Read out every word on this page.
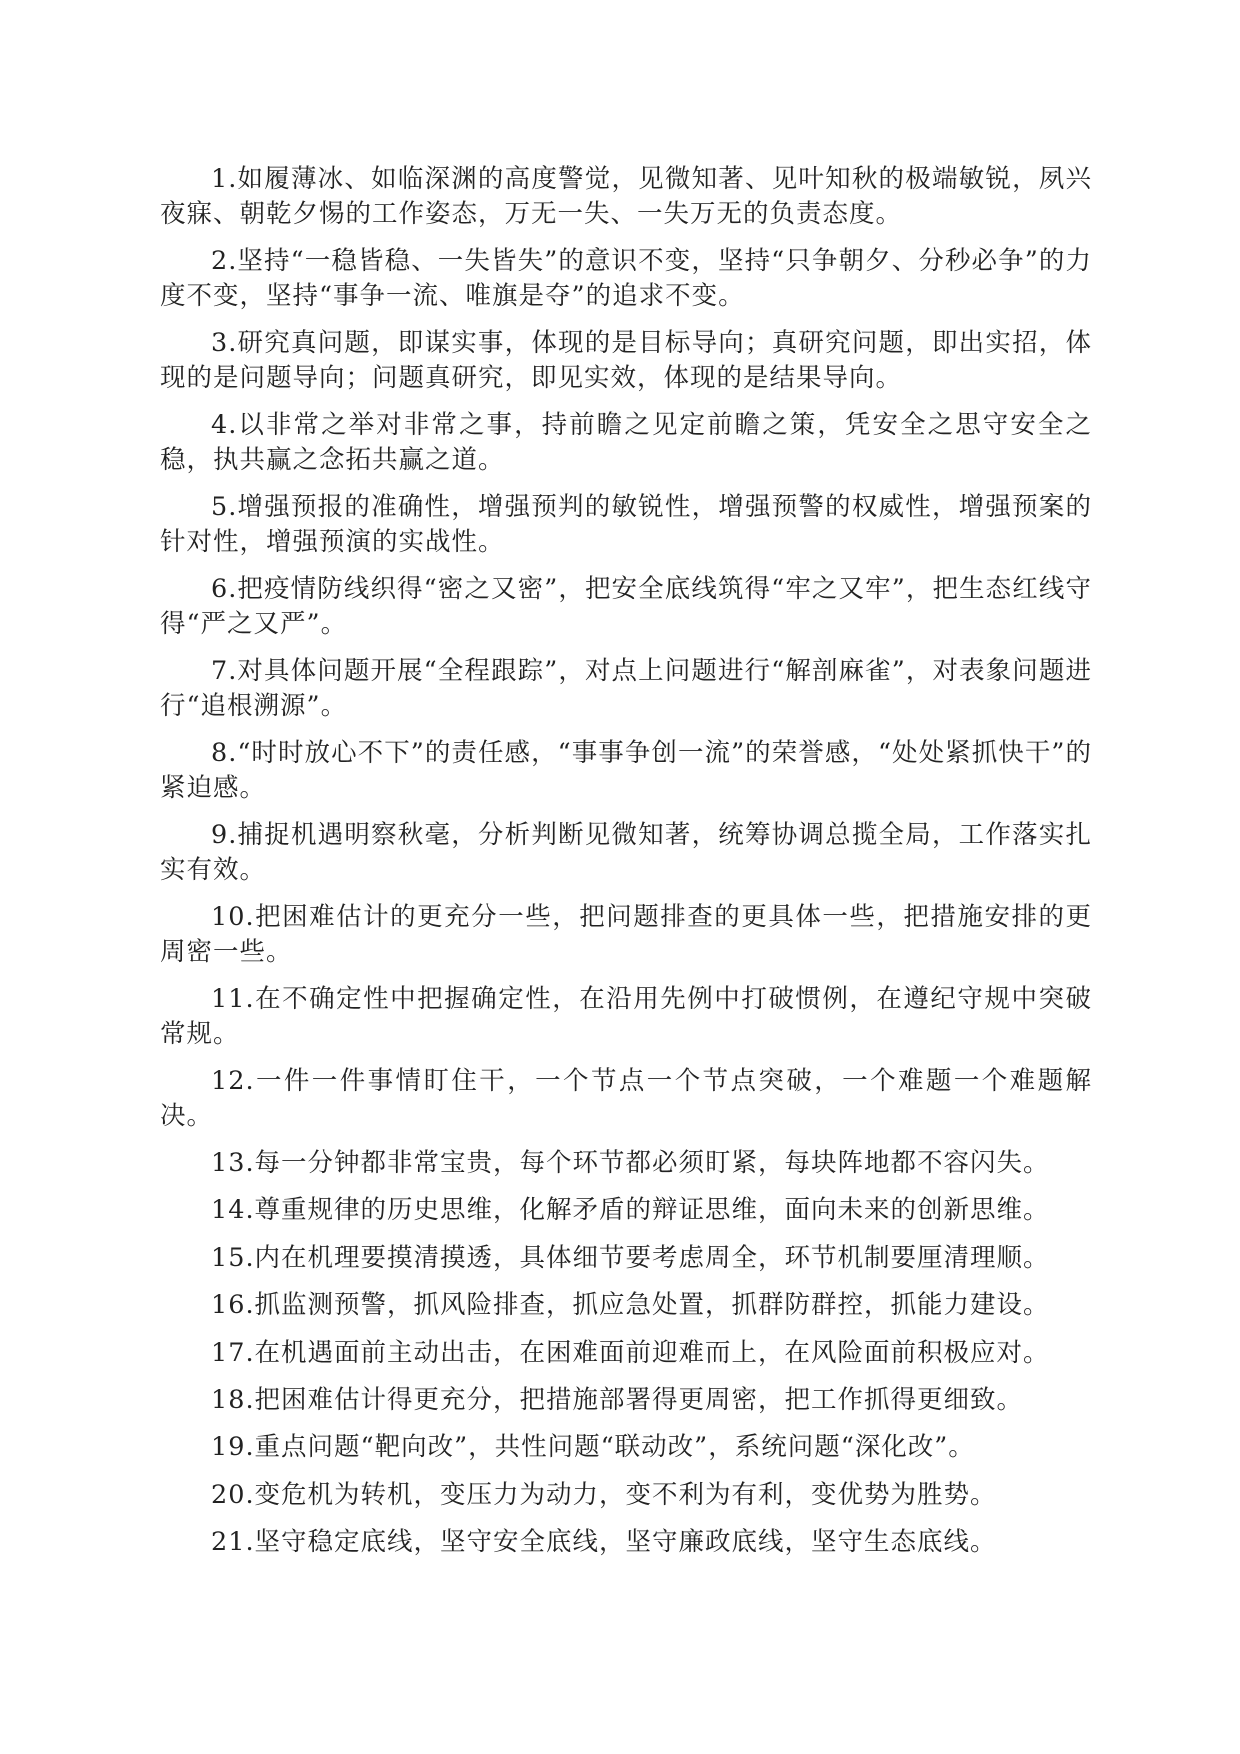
1.如履薄冰、如临深渊的高度警觉，见微知著、见叶知秋的极端敏锐，夙兴夜寐、朝乾夕惕的工作姿态，万无一失、一失万无的负责态度。

2.坚持“一稳皆稳、一失皆失”的意识不变，坚持“只争朝夕、分秒必争”的力度不变，坚持“事争一流、唯旗是夺”的追求不变。

3.研究真问题，即谋实事，体现的是目标导向；真研究问题，即出实招，体现的是问题导向；问题真研究，即见实效，体现的是结果导向。

4.以非常之举对非常之事，持前瞻之见定前瞻之策，凭安全之思守安全之稳，执共赢之念拓共赢之道。

5.增强预报的准确性，增强预判的敏锐性，增强预警的权威性，增强预案的针对性，增强预演的实战性。

6.把疫情防线织得“密之又密”，把安全底线筑得“牢之又牢”，把生态红线守得“严之又严”。

7.对具体问题开展“全程跟踪”，对点上问题进行“解剖麻雀”，对表象问题进行“追根溯源”。

8.“时时放心不下”的责任感，“事事争创一流”的荣誉感，“处处紧抓快干”的紧迫感。

9.捕捉机遇明察秋毫，分析判断见微知著，统筹协调总揽全局，工作落实扎实有效。

10.把困难估计的更充分一些，把问题排查的更具体一些，把措施安排的更周密一些。

11.在不确定性中把握确定性，在沿用先例中打破惯例，在遵纪守规中突破常规。

12.一件一件事情盯住干，一个节点一个节点突破，一个难题一个难题解决。

13.每一分钟都非常宝贵，每个环节都必须盯紧，每块阵地都不容闪失。

14.尊重规律的历史思维，化解矛盾的辩证思维，面向未来的创新思维。

15.内在机理要摸清摸透，具体细节要考虑周全，环节机制要厘清理顺。

16.抓监测预警，抓风险排查，抓应急处置，抓群防群控，抓能力建设。

17.在机遇面前主动出击，在困难面前迎难而上，在风险面前积极应对。

18.把困难估计得更充分，把措施部署得更周密，把工作抓得更细致。

19.重点问题“靶向改”，共性问题“联动改”，系统问题“深化改”。

20.变危机为转机，变压力为动力，变不利为有利，变优势为胜势。

21.坚守稳定底线，坚守安全底线，坚守廉政底线，坚守生态底线。
